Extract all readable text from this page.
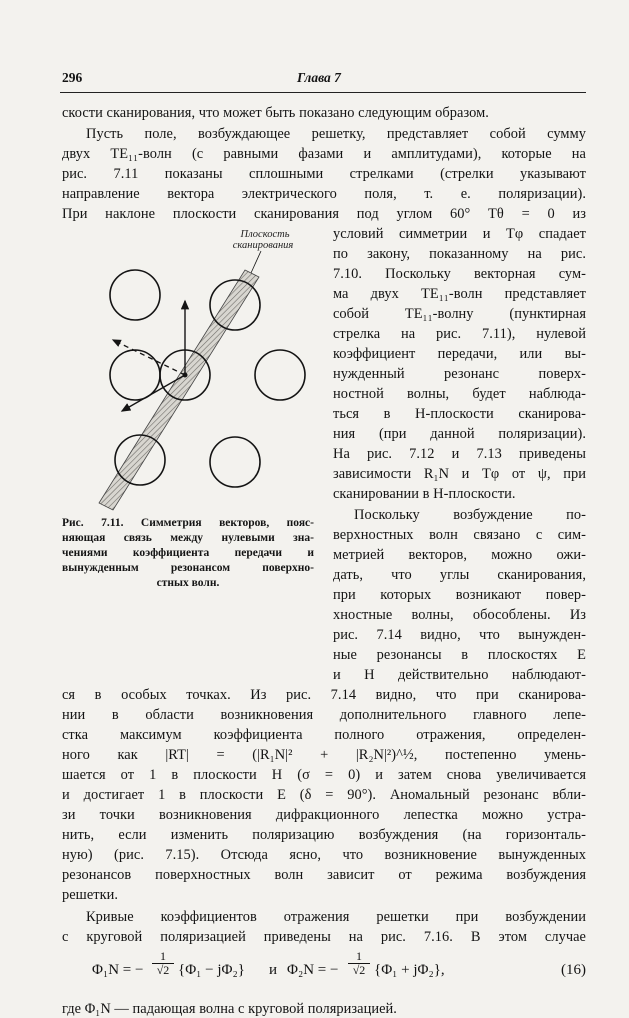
296	Глава 7
скости сканирования, что может быть показано следующим образом.
Пусть поле, возбуждающее решетку, представляет собой сумму
двух TE₁₁-волн (с равными фазами и амплитудами), которые на
рис. 7.11 показаны сплошными стрелками (стрелки указывают
направление вектора электрического поля, т. е. поляризации).
При наклоне плоскости сканирования под углом 60° Tθ = 0 из
условий симметрии и Tφ спадает
по закону, показанному на рис.
7.10. Поскольку векторная сум-
ма двух TE₁₁-волн представляет
собой TE₁₁-волну (пунктирная
стрелка на рис. 7.11), нулевой
коэффициент передачи, или вы-
нужденный резонанс поверх-
ностной волны, будет наблюда-
ться в H-плоскости сканирова-
ния (при данной поляризации).
На рис. 7.12 и 7.13 приведены
зависимости R₁N и Tφ от ψ, при
сканировании в H-плоскости.
Поскольку возбуждение по-
верхностных волн связано с сим-
метрией векторов, можно ожи-
дать, что углы сканирования,
при которых возникают повер-
хностные волны, обособлены. Из
рис. 7.14 видно, что вынужден-
ные резонансы в плоскостях E
и H действительно наблюдают-
Плоскость
сканирования
Рис. 7.11. Симметрия векторов, пояс-
няющая связь между нулевыми зна-
чениями коэффициента передачи и
вынужденным резонансом поверхно-
стных волн.
ся в особых точках. Из рис. 7.14 видно, что при сканирова-
нии в области возникновения дополнительного главного лепе-
стка максимум коэффициента полного отражения, определен-
ного как |RT| = (|R₁N|² + |R₂N|²)^½, постепенно умень-
шается от 1 в плоскости H (σ = 0) и затем снова увеличивается
и достигает 1 в плоскости E (δ = 90°). Аномальный резонанс вбли-
зи точки возникновения дифракционного лепестка можно устра-
нить, если изменить поляризацию возбуждения (на горизонталь-
Φ₁N = − $\frac{1}{√2} \{\Phi_1 - j\Phi_2\}$ и Φ₂N = − $\frac{1}{√2} \{\Phi_1 + j\Phi_2\}$,	(16)
где Φ₁N — падающая волна с круговой поляризацией.
ную) (рис. 7.15). Отсюда ясно, что возникновение вынужденных
резонансов поверхностных волн зависит от режима возбуждения
решетки.
Кривые коэффициентов отражения решетки при возбуждении
с круговой поляризацией приведены на рис. 7.16. В этом случае
